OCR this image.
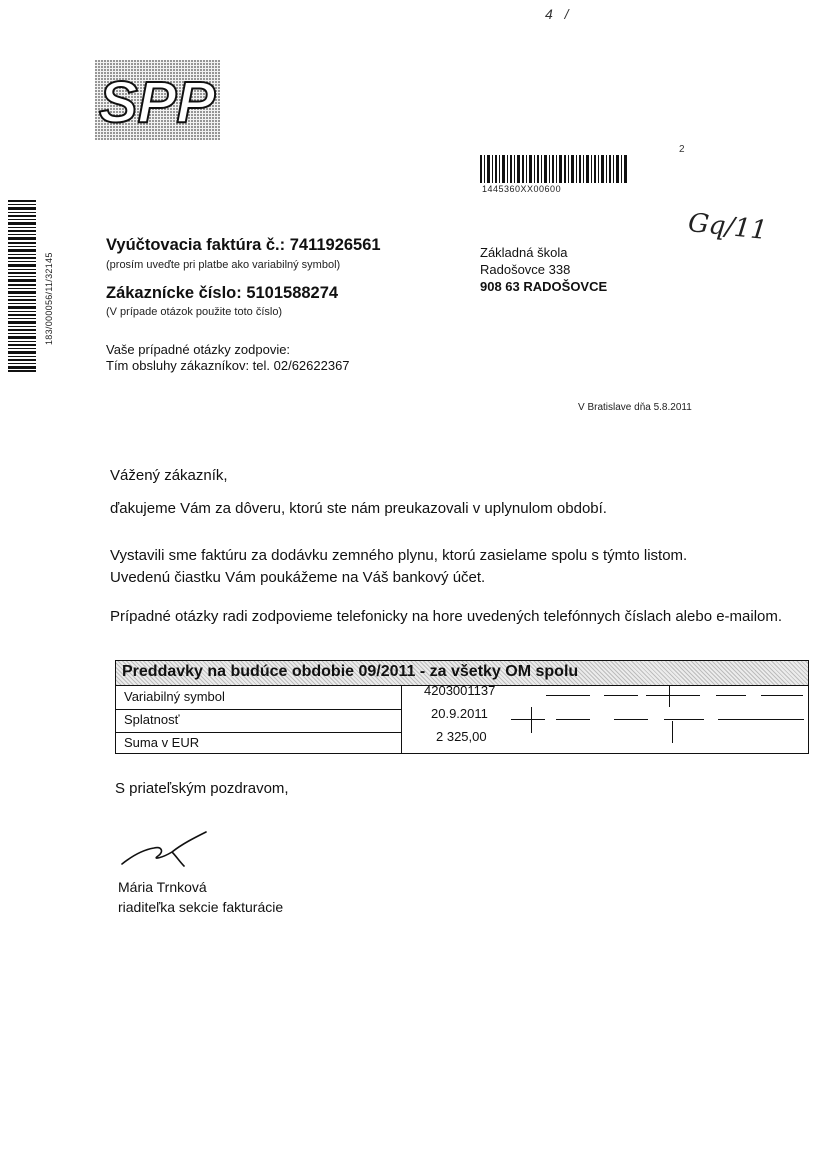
4 /
SPP
1445360XX00600
2
Gq/11
183/000056/11/32145
Vyúčtovacia faktúra č.: 7411926561
(prosím uveďte pri platbe ako variabilný symbol)
Zákaznícke číslo: 5101588274
(V prípade otázok použite toto číslo)
Vaše prípadné otázky zodpovie:
Tím obsluhy zákazníkov: tel. 02/62622367
Základná škola
Radošovce 338
908 63 RADOŠOVCE
V Bratislave dňa 5.8.2011
Vážený zákazník,
ďakujeme Vám za dôveru, ktorú ste nám preukazovali v uplynulom období.
Vystavili sme faktúru za dodávku zemného plynu, ktorú zasielame spolu s týmto listom.
Uvedenú čiastku Vám poukážeme na Váš bankový účet.
Prípadné otázky radi zodpovieme telefonicky na hore uvedených telefónnych číslach alebo e-mailom.
Preddavky na budúce obdobie 09/2011 - za všetky OM spolu
Variabilný symbol	4203001137
Splatnosť	20.9.2011
Suma v EUR	2 325,00
S priateľským pozdravom,
Mária Trnková
riaditeľka sekcie fakturácie
